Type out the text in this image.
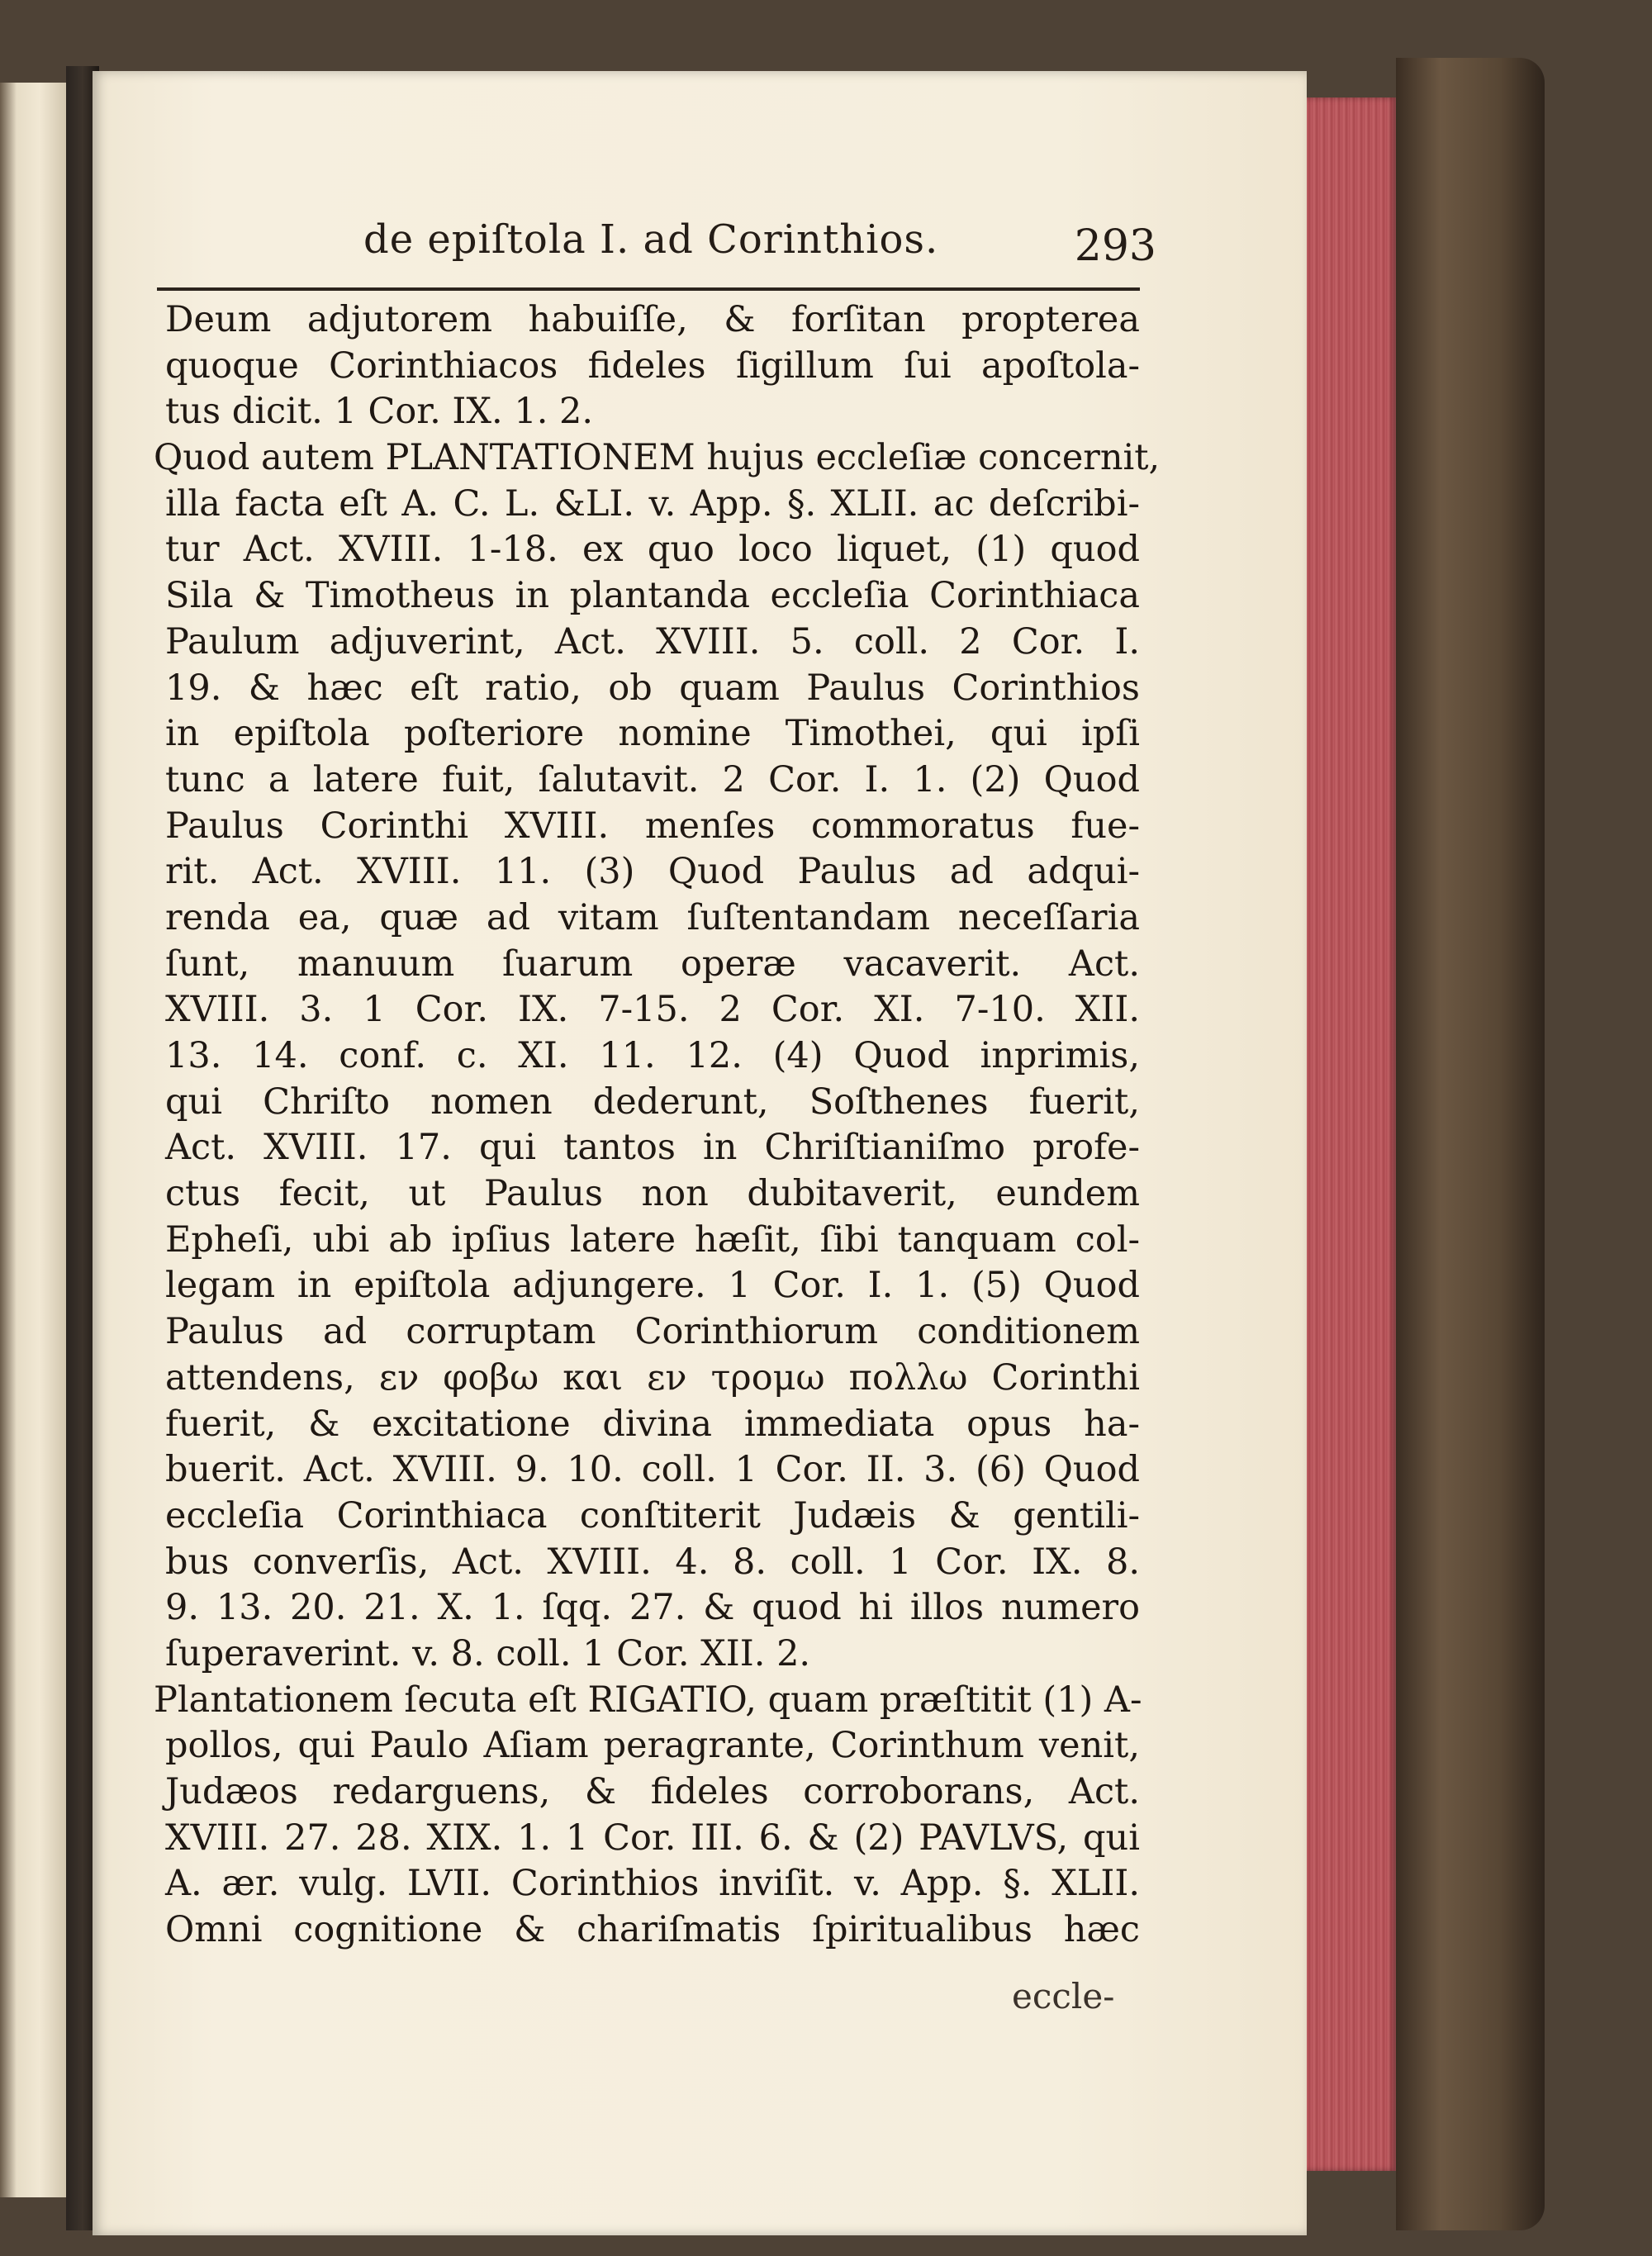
de epiſtola I. ad Corinthios.	293
Deum adjutorem habuiſſe, & forſitan propterea
quoque Corinthiacos fideles ſigillum ſui apoſtola-
tus dicit. 1 Cor. IX. 1. 2.
Quod autem PLANTATIONEM hujus eccleſiæ concernit,
illa facta eſt A. C. L. &LI. v. App. §. XLII. ac deſcribi-
tur Act. XVIII. 1-18. ex quo loco liquet, (1) quod
Sila & Timotheus in plantanda eccleſia Corinthiaca
Paulum adjuverint, Act. XVIII. 5. coll. 2 Cor. I.
19. & hæc eſt ratio, ob quam Paulus Corinthios
in epiſtola poſteriore nomine Timothei, qui ipſi
tunc a latere fuit, ſalutavit. 2 Cor. I. 1. (2) Quod
Paulus Corinthi XVIII. menſes commoratus fue-
rit. Act. XVIII. 11. (3) Quod Paulus ad adqui-
renda ea, quæ ad vitam ſuſtentandam neceſſaria
ſunt, manuum ſuarum operæ vacaverit. Act.
XVIII. 3. 1 Cor. IX. 7-15. 2 Cor. XI. 7-10. XII.
13. 14. conf. c. XI. 11. 12. (4) Quod inprimis,
qui Chriſto nomen dederunt, Soſthenes fuerit,
Act. XVIII. 17. qui tantos in Chriſtianiſmo profe-
ctus fecit, ut Paulus non dubitaverit, eundem
Epheſi, ubi ab ipſius latere hæſit, ſibi tanquam col-
legam in epiſtola adjungere. 1 Cor. I. 1. (5) Quod
Paulus ad corruptam Corinthiorum conditionem
attendens, εν φοβω και εν τρομω πολλω Corinthi
fuerit, & excitatione divina immediata opus ha-
buerit. Act. XVIII. 9. 10. coll. 1 Cor. II. 3. (6) Quod
eccleſia Corinthiaca conſtiterit Judæis & gentili-
bus converſis, Act. XVIII. 4. 8. coll. 1 Cor. IX. 8.
9. 13. 20. 21. X. 1. ſqq. 27. & quod hi illos numero
ſuperaverint. v. 8. coll. 1 Cor. XII. 2.
Plantationem ſecuta eſt RIGATIO, quam præſtitit (1) A-
pollos, qui Paulo Aſiam peragrante, Corinthum venit,
Judæos redarguens, & fideles corroborans, Act.
XVIII. 27. 28. XIX. 1. 1 Cor. III. 6. & (2) PAVLVS, qui
A. ær. vulg. LVII. Corinthios inviſit. v. App. §. XLII.
Omni cognitione & chariſmatis ſpiritualibus hæc
eccle-
